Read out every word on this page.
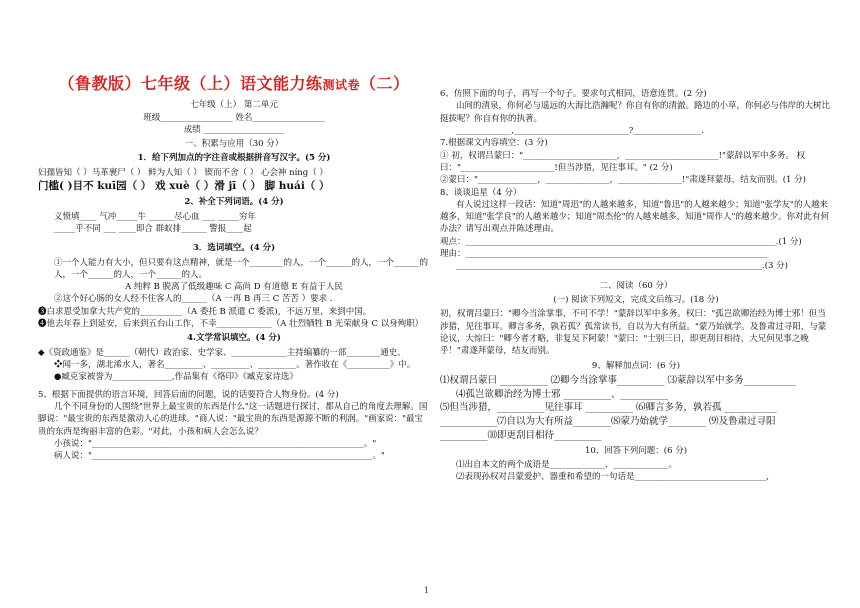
（鲁教版）七年级（上）语文能力练测试卷（二）

七年级（上） 第二单元

班级_________________ 姓名_________________

成绩 ___________________

一、积累与应用（30 分）

1．给下列加点的字注音或根据拼音写汉字。(5 分)

妇孺皆知（ ）马革裹尸（ ） 鲜为人知（ ） 锲而不舍（ ） 心会神 níng（ ）

门槛( )目不 kuī园（ ） 戏 xuè（ ）滑 jī（ ） 脚 huái（ ）

2、补全下列词语。(4 分)

义愤填____ 气冲_____牛 ______尽心血 ___ _____穷年

_____乎不同 ___ ____即合 群蚁排______ 警报____起

3．选词填空。(4 分)

①一个人能力有大小，但只要有这点精神，就是一个________的人，一个______的人，一个______的人，一个______的人，一个______的人。

A 纯粹 B 脱离了低级趣味 C 高尚 D 有道德 E 有益于人民

②这个好心肠的女人经不住客人的______（A 一再 B 再三 C 苦苦 ）要求 .

❸白求恩受加拿大共产党的__________（A 委托 B 派遣 C 委派)，不远万里，来到中国。

❹他去年春上到延安，后来到五台山工作，不幸_____________（A 壮烈牺牲 B 光荣献身 C 以身殉职）

4.文学常识填空。(4 分)

◆《资政通鉴》是______（朝代）政治家、史学家、_____________主持编纂的一部________通史。

❖闻一多，湖北浠水人，著名_________、_________、_________。著作收在《__________》中。

●臧克家被誉为______________,作品集有《烙印》《臧克家诗选》

5、根据下面提供的语言环境，回答后面的问题，说的话要符合人物身份。(4 分)

几个不同身份的人围绕"世界上最宝贵的东西是什么"这一话题进行探讨，都从自己的角度去理解。国脚说："最宝贵的东西是激动人心的进球。"商人说："最宝贵的东西是源源不断的利润。"画家说："最宝贵的东西是绚丽丰富的色彩。"对此，小孩和病人会怎么说？

小孩说："________________________________________________________________。"

病人说："__________________________________________________________________。"

6、仿照下面的句子，再写一个句子。要求句式相同，语意连贯。(2 分)

山间的清泉，你何必与遥远的大海比浩瀚呢？你自有你的清澈。路边的小草，你何必与伟岸的大树比挺拔呢？你自有你的执著。

_____________,___________________________?________________.

7.根据课文内容填空：(3 分)

① 初，权谓吕蒙曰："______________________，______________________!"蒙辞以军中多务。 权曰："______________________!但当涉猎，见往事耳。" (2 分)

②蒙曰："______________，_______________，_______________!"肃遂拜蒙母，结友而别。(1 分)

8、谈谈追星（4 分）

有人说过这样一段话：知道"周迅"的人越来越多，知道"鲁迅"的人越来越少；知道"张学友"的人越来越多，知道"张学良"的人越来越少；知道"周杰伦"的人越来越多，知道"周作人"的越来越少。你对此有何办法？请写出观点并陈述理由。

观点：_________________________________________________________________________.(1 分)

理由：_______________________________________________________________________

________________________________________________________________________.(3 分)

二、阅读（60 分）

(一) 阅读下列短文，完成文后练习。(18 分)

初，权谓吕蒙曰："卿今当涂掌事，不可不学！"蒙辞以军中多务。权曰："孤岂欲卿治经为博士邪！但当涉猎，见往事耳。卿言多务，孰若孤？孤常读书，自以为大有所益。"蒙乃始就学。及鲁肃过寻阳，与蒙论议，大惊曰："卿今者才略，非复吴下阿蒙！"蒙曰："士别三日，即更刮目相待，大兄何见事之晚乎！"肃遂拜蒙母，结友而别。

9、解释加点词：(6 分)

⑴权谓吕蒙曰 __________ ⑵卿今当涂掌事__________ ⑶蒙辞以军中多务___________

⑷孤岂欲卿治经为博士邪 __________、__________

⑸但当涉猎，__________见往事耳 __________ ⑹卿言多务，孰若孤 ___________

____________⑺自以为大有所益________⑻蒙乃始就学________ ⑼及鲁肃过寻阳__________⑽即更刮目相待__________

10、回答下列问题：(6 分)

⑴出自本文的两个成语是_____________、_____________。

⑵表现孙权对吕蒙爱护、器重和希望的一句话是_______________________________,

1
